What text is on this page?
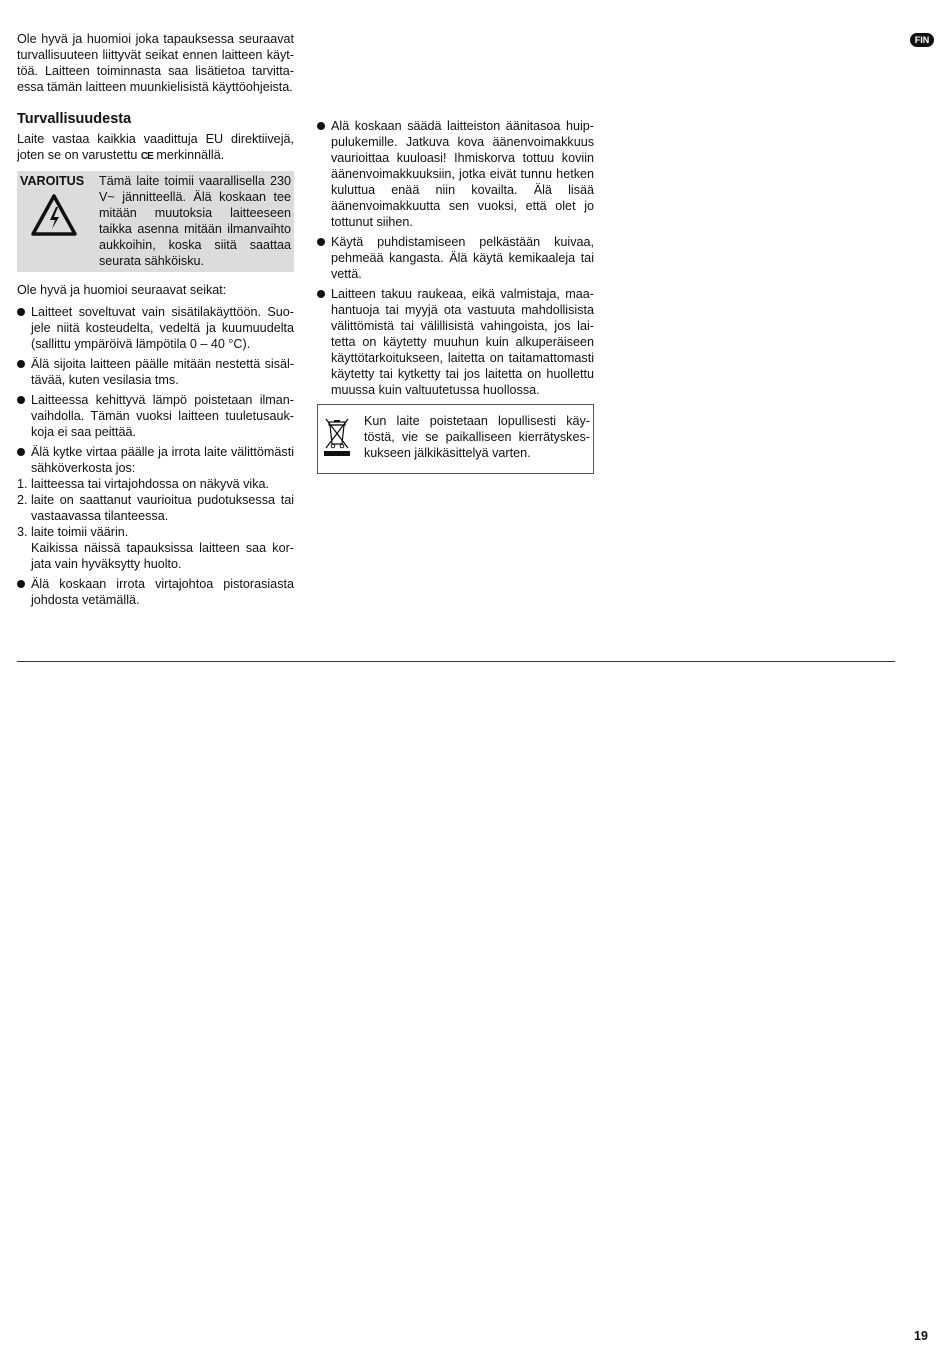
FIN

Ole hyvä ja huomioi joka tapauksessa seuraavat turvallisuuteen liittyvät seikat ennen laitteen käyttöä. Laitteen toiminnasta saa lisätietoa tarvittaessa tämän laitteen muunkielisistä käyttöohjeista.

Turvallisuudesta

Laite vastaa kaikkia vaadittuja EU direktiivejä, joten se on varustettu CE merkinnällä.

VAROITUS	Tämä laite toimii vaarallisella 230 V~ jännitteellä. Älä koskaan tee mitään muutoksia laitteeseen taikka asenna mitään ilmanvaihto aukkoihin, koska siitä saattaa seurata sähköisku.

Ole hyvä ja huomioi seuraavat seikat:

Laitteet soveltuvat vain sisätilakäyttöön. Suojele niitä kosteudelta, vedeltä ja kuumuudelta (sallittu ympäröivä lämpötila 0 – 40 °C).
Älä sijoita laitteen päälle mitään nestettä sisältävää, kuten vesilasia tms.
Laitteessa kehittyvä lämpö poistetaan ilmanvaihdolla. Tämän vuoksi laitteen tuuletusaukkoja ei saa peittää.
Älä kytke virtaa päälle ja irrota laite välittömästi sähköverkosta jos:
1. laitteessa tai virtajohdossa on näkyvä vika.
2. laite on saattanut vaurioitua pudotuksessa tai vastaavassa tilanteessa.
3. laite toimii väärin.
Kaikissa näissä tapauksissa laitteen saa korjata vain hyväksytty huolto.
Älä koskaan irrota virtajohtoa pistorasiasta johdosta vetämällä.
Alä koskaan säädä laitteiston äänitasoa huippulukemille. Jatkuva kova äänenvoimakkuus vaurioittaa kuuloasi! Ihmiskorva tottuu koviin äänenvoimakkuuksiin, jotka eivät tunnu hetken kuluttua enää niin kovailta. Älä lisää äänenvoimakkuutta sen vuoksi, että olet jo tottunut siihen.
Käytä puhdistamiseen pelkästään kuivaa, pehmeää kangasta. Älä käytä kemikaaleja tai vettä.
Laitteen takuu raukeaa, eikä valmistaja, maahantuoja tai myyjä ota vastuuta mahdollisista välittömistä tai välillisistä vahingoista, jos laitetta on käytetty muuhun kuin alkuperäiseen käyttötarkoitukseen, laitetta on taitamattomasti käytetty tai kytketty tai jos laitetta on huollettu muussa kuin valtuutetussa huollossa.
Kun laite poistetaan lopullisesti käytöstä, vie se paikalliseen kierrätyskeskukseen jälkikäsittelyä varten.
19
